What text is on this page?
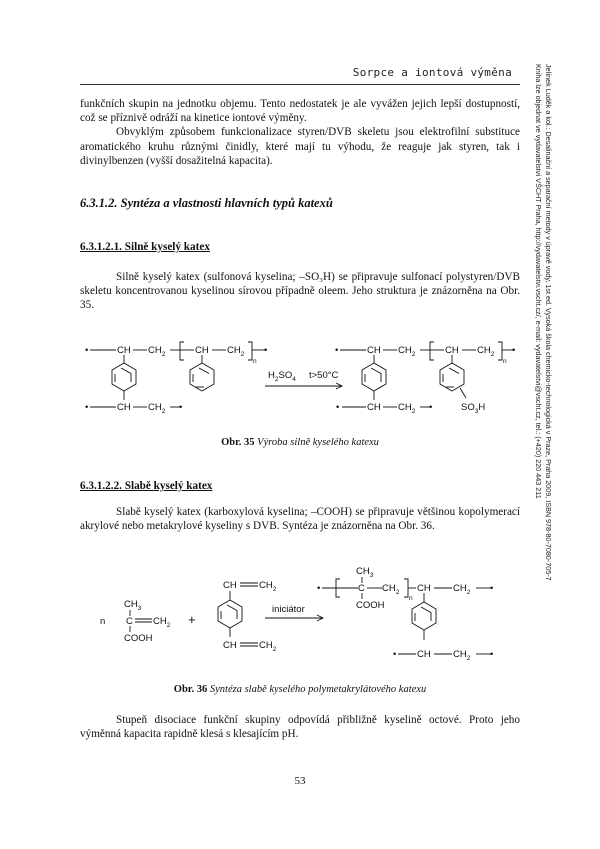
Sorpce a iontová výměna	Jelínek Luděk a kol.: Desalinační a separační metody v úpravě vody, 1st ed. Vysoká škola chemicko-technologická v Praze, Praha 2009, ISBN 978-80-7080-705-7
Kniha lze objednat ve vydavatelství VŠCHT Praha, http://vydavatelstvi.vscht.cz/, e-mail: vydavatelstvi@vscht.cz, tel.: (+420) 220 443 211

funkčních skupin na jednotku objemu. Tento nedostatek je ale vyvážen jejich lepší dostupností, což se příznivě odráží na kinetice iontové výměny.

Obvyklým způsobem funkcionalizace styren/DVB skeletu jsou elektrofilní substituce aromatického kruhu různými činidly, které mají tu výhodu, že reaguje jak styren, tak i divinylbenzen (vyšší dosažitelná kapacita).

6.3.1.2. Syntéza a vlastnosti hlavních typů katexů
6.3.1.2.1. Silně kyselý katex

Silně kyselý katex (sulfonová kyselina; –SO₃H) se připravuje sulfonací polystyren/DVB skeletu koncentrovanou kyselinou sírovou případně oleem. Jeho struktura je znázorněna na Obr. 35.

•	CH $CH_2$	CH $CH_2$
n
•
CH
•	$CH_2$ •
$H_2SO_4$ t>50°C
•	CH $CH_2$	CH $CH_2$
n
•
CH
•	$CH_2$ •	$SO_3H$
Obr. 35 Výroba silně kyselého katexu
6.3.1.2.2. Slabě kyselý katex

Slabě kyselý katex (karboxylová kyselina; –COOH) se připravuje většinou kopolymerací akrylové nebo metakrylové kyseliny s DVB. Syntéza je znázorněna na Obr. 36.

n
$CH_3$
C $CH_2$
COOH
+
CH $CH_2$
CH $CH_2$
iniciátor
$CH_3$
•	C $CH_2$
n
COOH
CH $CH_2$ •
• CH $CH_2$ •
Obr. 36 Syntéza slabě kyselého polymetakrylátového katexu

Stupeň disociace funkční skupiny odpovídá přibližně kyselině octové. Proto jeho výměnná kapacita rapidně klesá s klesajícím pH.

53
